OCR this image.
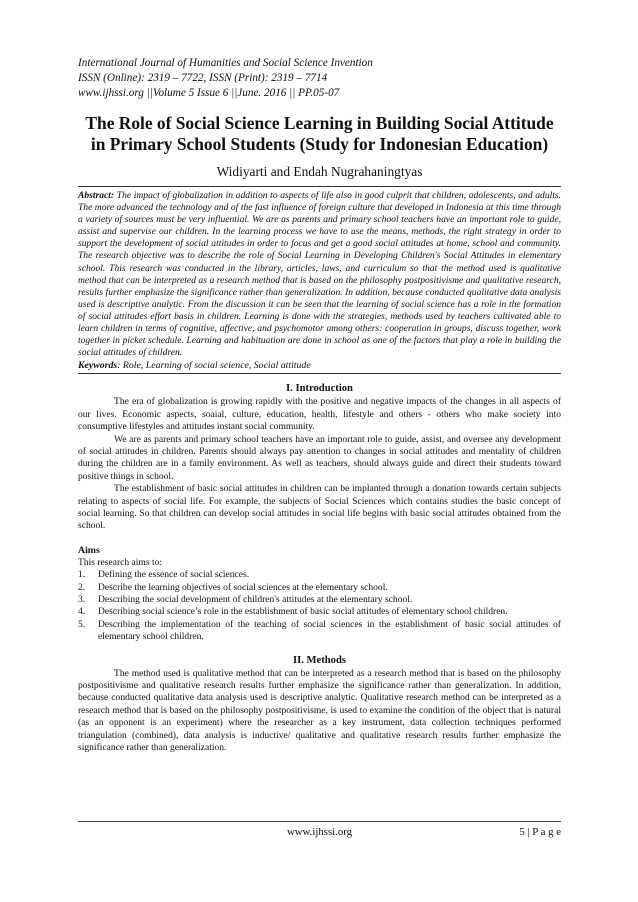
International Journal of Humanities and Social Science Invention
ISSN (Online): 2319 – 7722, ISSN (Print): 2319 – 7714
www.ijhssi.org ||Volume 5 Issue 6 ||June. 2016 || PP.05-07
The Role of Social Science Learning in Building Social Attitude in Primary School Students (Study for Indonesian Education)
Widiyarti and Endah Nugrahaningtyas
Abstract: The impact of globalization in addition to aspects of life also in good culprit that children, adolescents, and adults. The more advanced the technology and of the fast influence of foreign culture that developed in Indonesia at this time through a variety of sources must be very influential. We are as parents and primary school teachers have an important role to guide, assist and supervise our children. In the learning process we have to use the means, methods, the right strategy in order to support the development of social attitudes in order to focus and get a good social attitudes at home, school and community. The research objective was to describe the role of Social Learning in Developing Children's Social Attitudes in elementary school. This research was conducted in the library, articles, laws, and curriculum so that the method used is qualitative method that can be interpreted as a research method that is based on the philosophy postpositivisme and qualitative research, results further emphasize the significance rather than generalization. In addition, because conducted qualitative data analysis used is descriptive analytic. From the discussion it can be seen that the learning of social science has a role in the formation of social attitudes effort basis in children. Learning is done with the strategies, methods used by teachers cultivated able to learn children in terms of cognitive, affective, and psychomotor among others: cooperation in groups, discuss together, work together in picket schedule. Learning and habituation are done in school as one of the factors that play a role in building the social attitudes of children.
Keywords: Role, Learning of social science, Social attitude
I. Introduction

The era of globalization is growing rapidly with the positive and negative impacts of the changes in all aspects of our lives. Economic aspects, soaial, culture, education, health, lifestyle and others - others who make society into consumptive lifestyles and attitudes instant social community.

We are as parents and primary school teachers have an important role to guide, assist, and oversee any development of social attitudes in children. Parents should always pay attention to changes in social attitudes and mentality of children during the children are in a family environment. As well as teachers, should always guide and direct their students toward positive things in school.

The establishment of basic social attitudes in children can be implanted through a donation towards certain subjects relating to aspects of social life. For example, the subjects of Social Sciences which contains studies the basic concept of social learning. So that children can develop social attitudes in social life begins with basic social attitudes obtained from the school.

Aims
This research aims to:
1.	Defining the essence of social sciences.
2.	Describe the learning objectives of social sciences at the elementary school.
3.	Describing the social development of children's attitudes at the elementary school.
4.	Describing social science’s role in the establishment of basic social attitudes of elementary school children.
5.	Describing the implementation of the teaching of social sciences in the establishment of basic social attitudes of elementary school children.
II. Methods

The method used is qualitative method that can be interpreted as a research method that is based on the philosophy postpositivisme and qualitative research results further emphasize the significance rather than generalization. In addition, because conducted qualitative data analysis used is descriptive analytic. Qualitative research method can be interpreted as a research method that is based on the philosophy postpositivisme, is used to examine the condition of the object that is natural (as an opponent is an experiment) where the researcher as a key instrument, data collection techniques performed triangulation (combined), data analysis is inductive/ qualitative and qualitative research results further emphasize the significance rather than generalization.

www.ijhssi.org	5 | P a g e
